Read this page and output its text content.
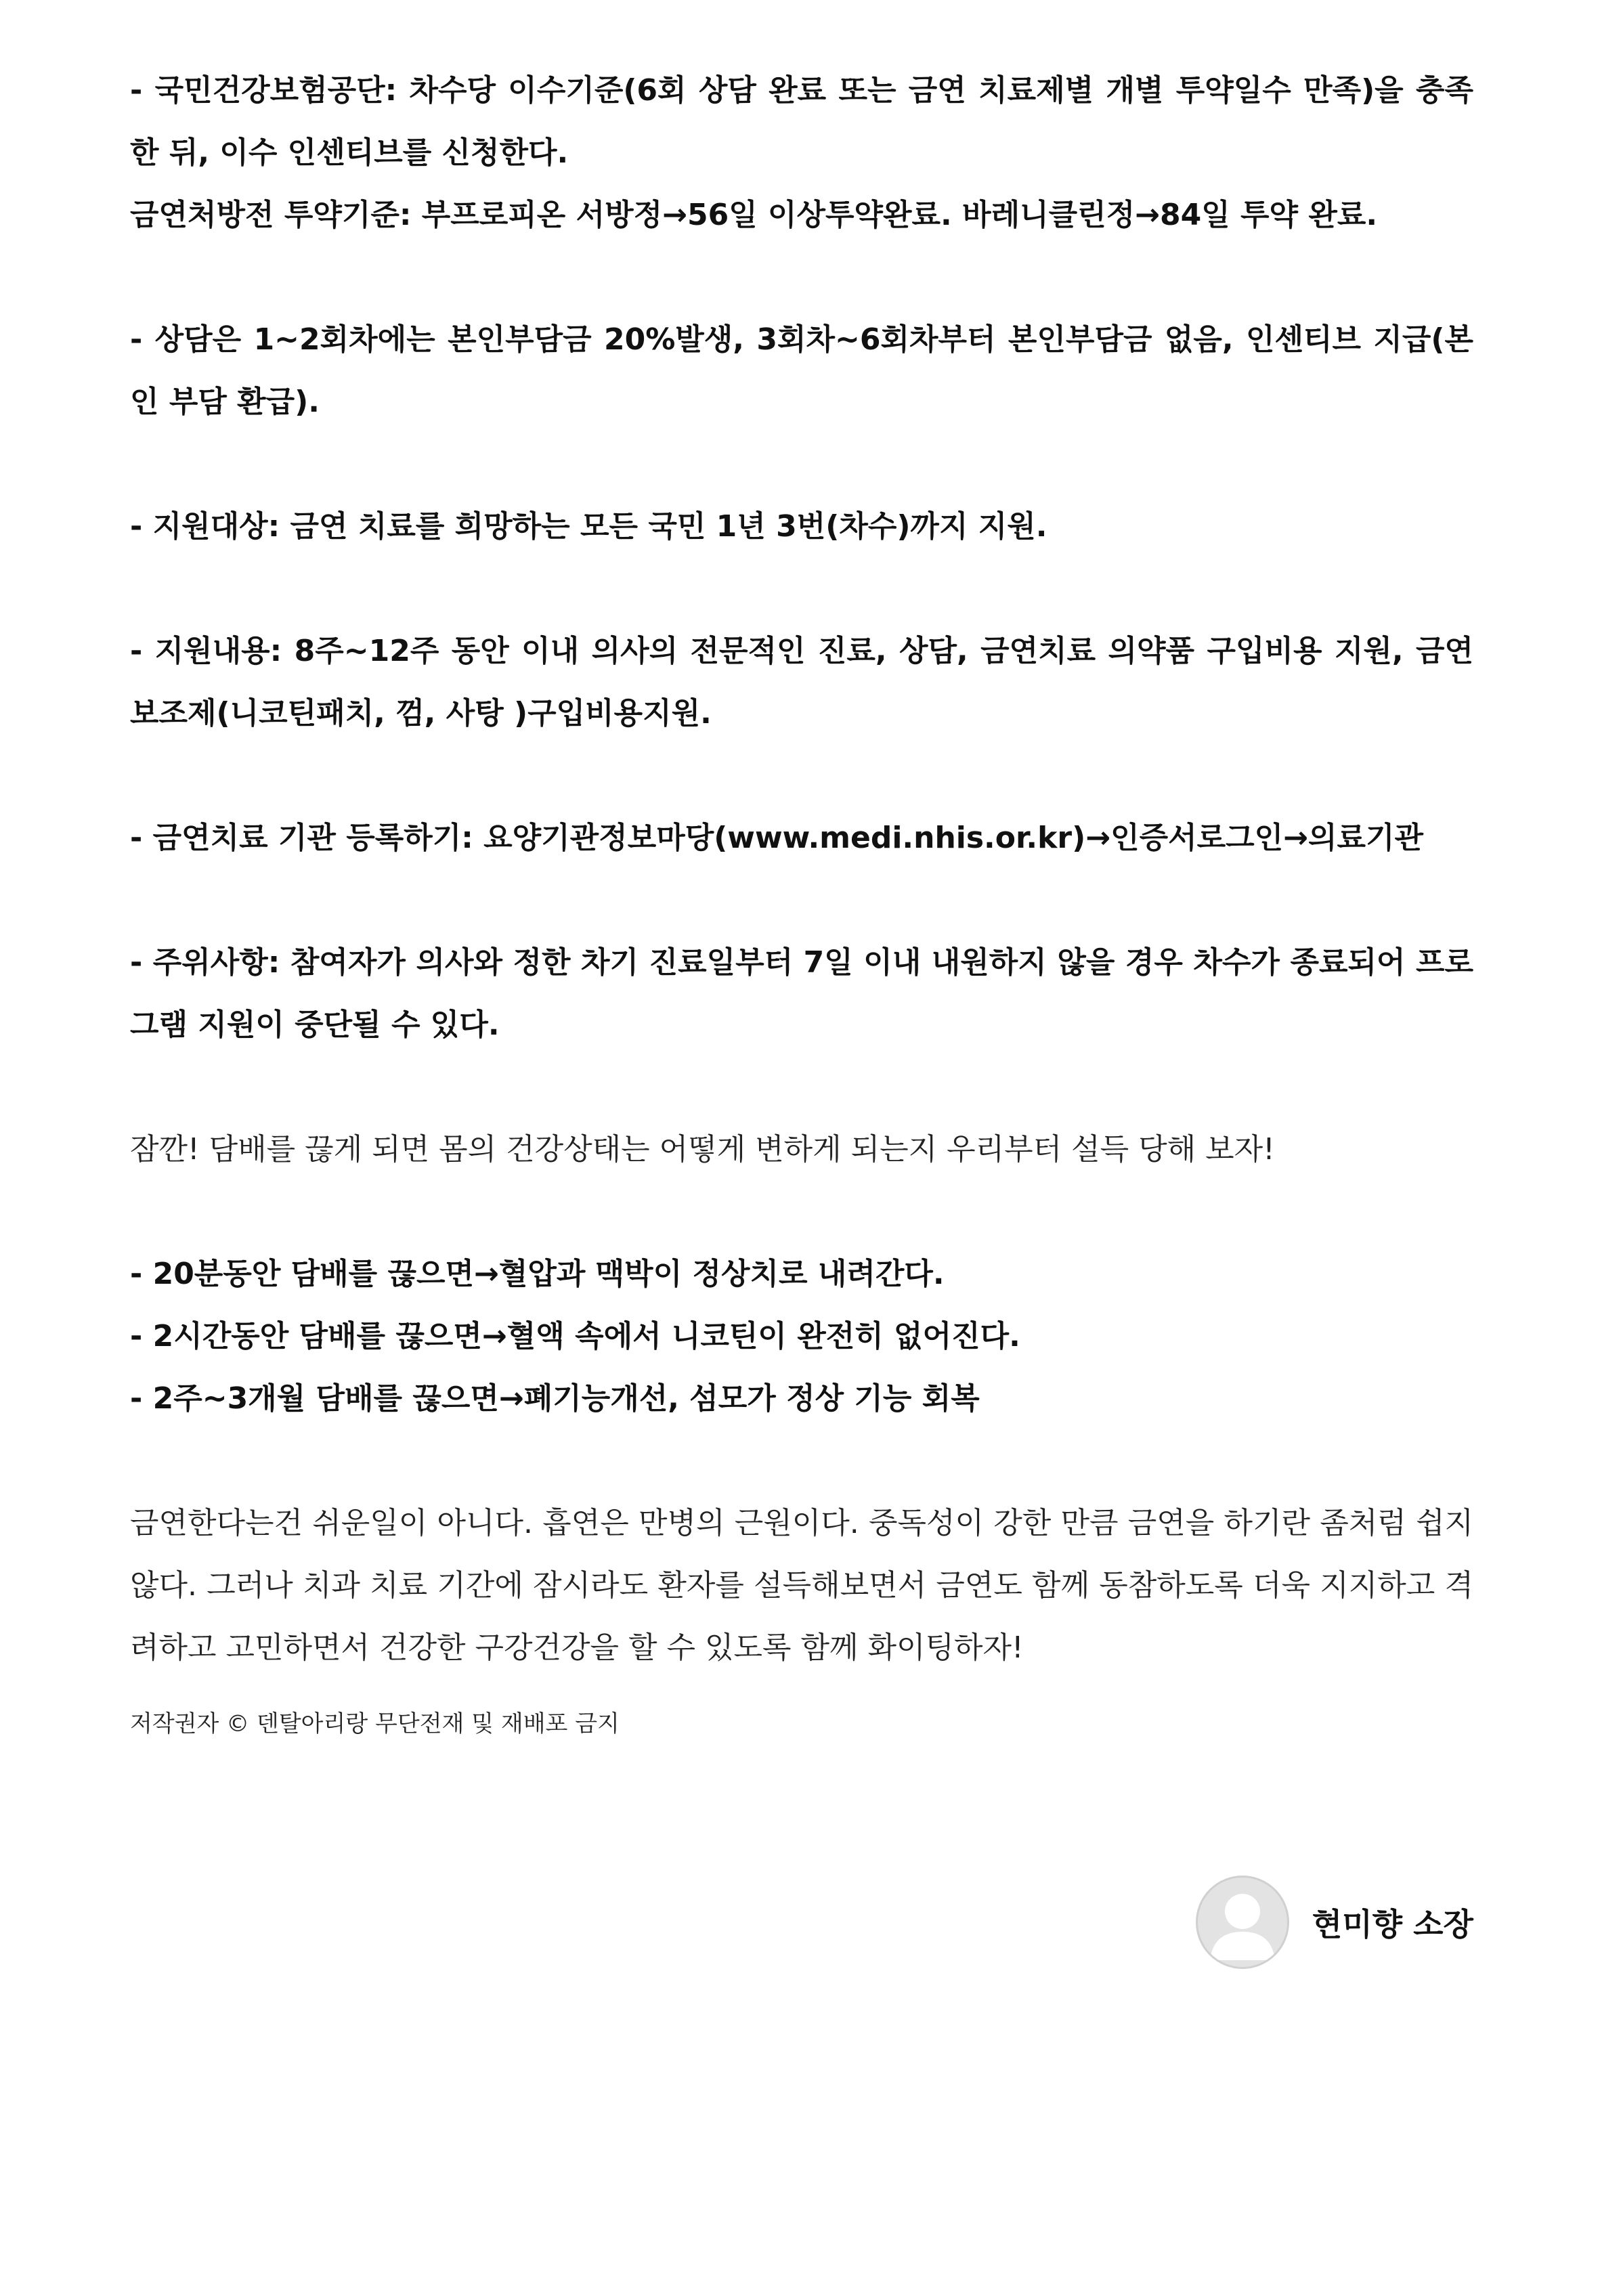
- 국민건강보험공단: 차수당 이수기준(6회 상담 완료 또는 금연 치료제별 개별 투약일수 만족)을 충족한 뒤, 이수 인센티브를 신청한다.

금연처방전 투약기준: 부프로피온 서방정→56일 이상투약완료. 바레니클린정→84일 투약 완료.

- 상담은 1~2회차에는 본인부담금 20%발생, 3회차~6회차부터 본인부담금 없음, 인센티브 지급(본인 부담 환급).

- 지원대상: 금연 치료를 희망하는 모든 국민 1년 3번(차수)까지 지원.

- 지원내용: 8주~12주 동안 이내 의사의 전문적인 진료, 상담, 금연치료 의약품 구입비용 지원, 금연보조제(니코틴패치, 껌, 사탕 )구입비용지원.

- 금연치료 기관 등록하기: 요양기관정보마당(www.medi.nhis.or.kr)→인증서로그인→의료기관

- 주위사항: 참여자가 의사와 정한 차기 진료일부터 7일 이내 내원하지 않을 경우 차수가 종료되어 프로그램 지원이 중단될 수 있다.

잠깐! 담배를 끊게 되면 몸의 건강상태는 어떻게 변하게 되는지 우리부터 설득 당해 보자!

- 20분동안 담배를 끊으면→혈압과 맥박이 정상치로 내려간다.

- 2시간동안 담배를 끊으면→혈액 속에서 니코틴이 완전히 없어진다.

- 2주~3개월 담배를 끊으면→폐기능개선, 섬모가 정상 기능 회복

금연한다는건 쉬운일이 아니다. 흡연은 만병의 근원이다. 중독성이 강한 만큼 금연을 하기란 좀처럼 쉽지 않다. 그러나 치과 치료 기간에 잠시라도 환자를 설득해보면서 금연도 함께 동참하도록 더욱 지지하고 격려하고 고민하면서 건강한 구강건강을 할 수 있도록 함께 화이팅하자!

저작권자 © 덴탈아리랑 무단전재 및 재배포 금지

현미향 소장
